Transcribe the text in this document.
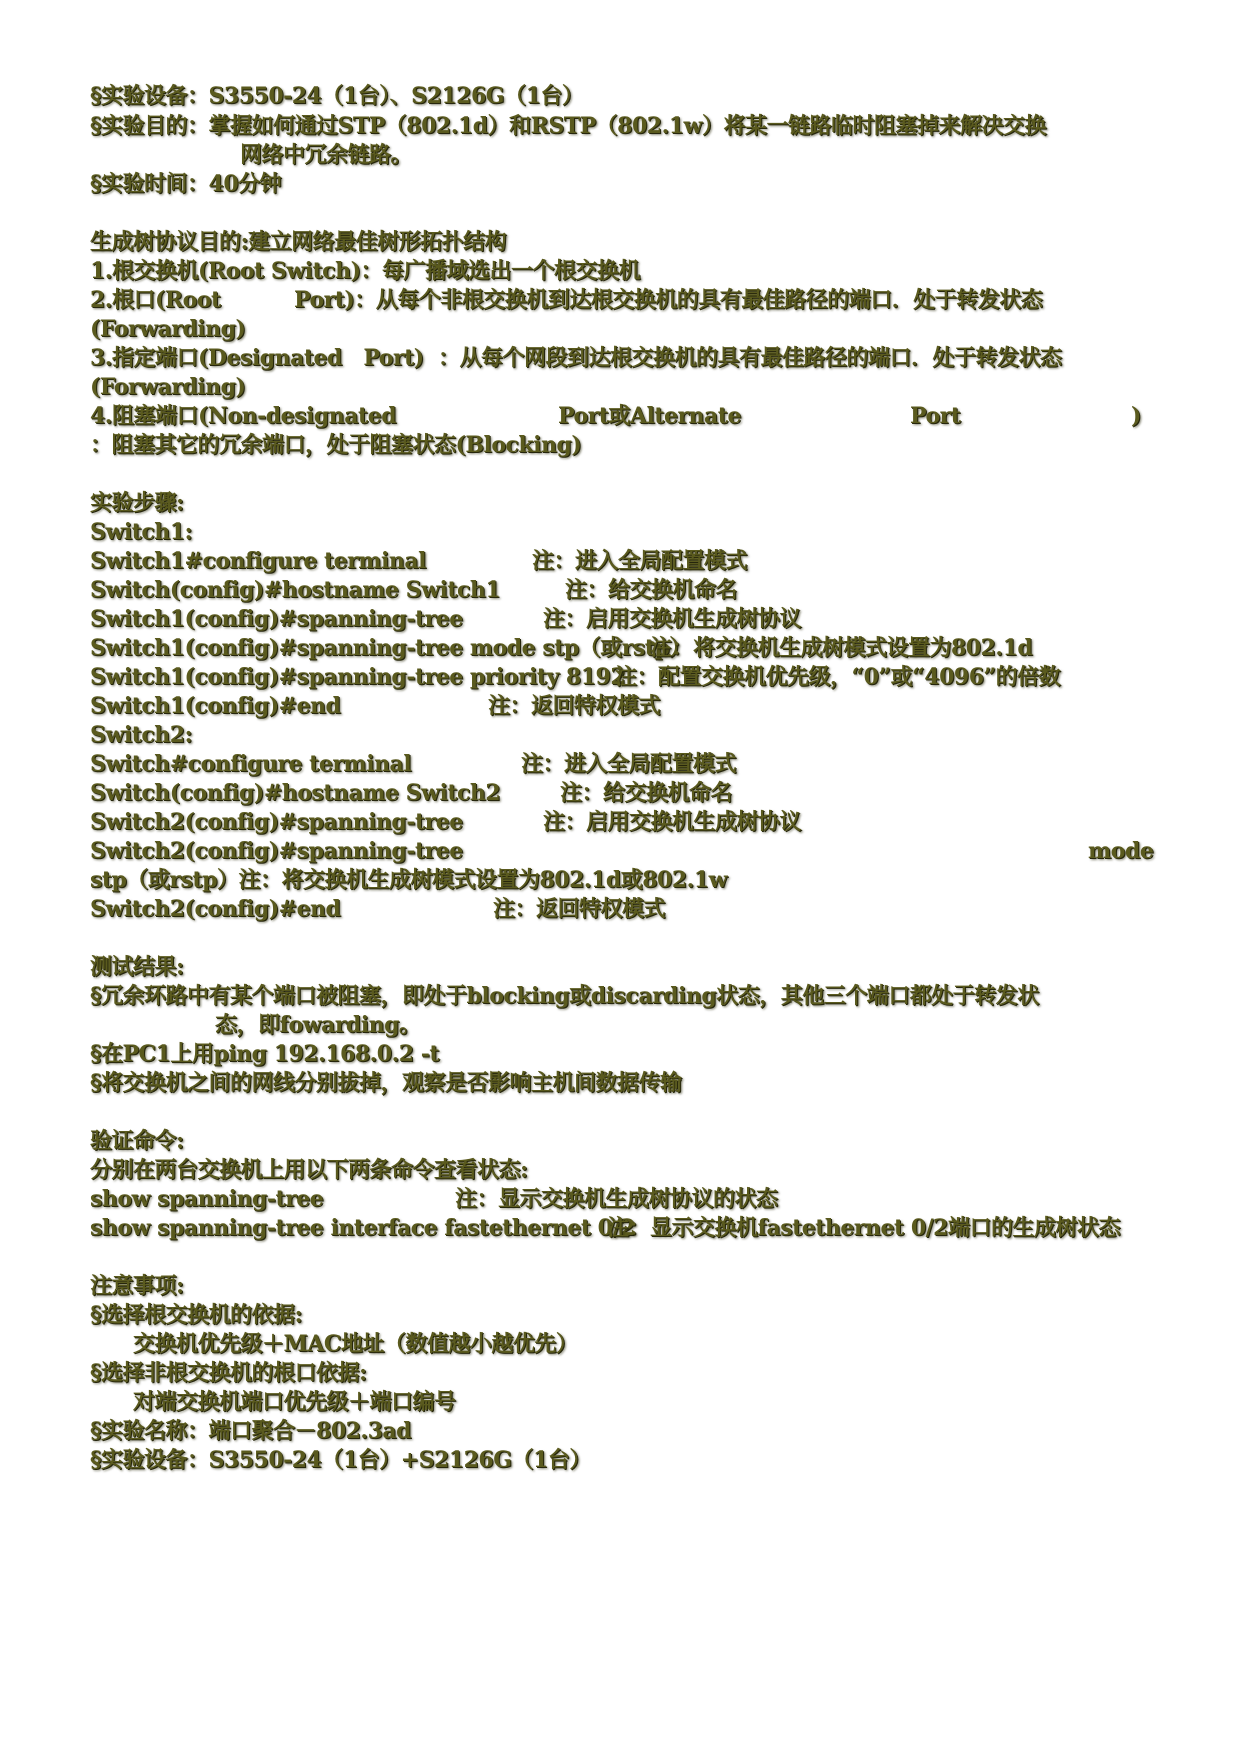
§实验设备：S3550-24（1台）、S2126G（1台）
§实验目的：掌握如何通过STP（802.1d）和RSTP（802.1w）将某一链路临时阻塞掉来解决交换
网络中冗余链路。
§实验时间：40分钟
生成树协议目的:建立网络最佳树形拓扑结构
1.根交换机(Root Switch)：每广播域选出一个根交换机
2.根口(Root	Port)：从每个非根交换机到达根交换机的具有最佳路径的端口．处于转发状态
(Forwarding)
3.指定端口(Designated   Port)  ：从每个网段到达根交换机的具有最佳路径的端口．处于转发状态
(Forwarding)
4.阻塞端口(Non-designated	Port或Alternate	Port	)
：阻塞其它的冗余端口，处于阻塞状态(Blocking)
实验步骤:
Switch1:
Switch1#configure terminal	注：进入全局配置模式
Switch(config)#hostname Switch1	注：给交换机命名
Switch1(config)#spanning-tree	注：启用交换机生成树协议
Switch1(config)#spanning-tree mode stp（或rstp）
注：将交换机生成树模式设置为802.1d
Switch1(config)#spanning-tree priority 8192
注：配置交换机优先级，“0”或“4096”的倍数
Switch1(config)#end	注：返回特权模式
Switch2:
Switch#configure terminal	注：进入全局配置模式
Switch(config)#hostname Switch2	注：给交换机命名
Switch2(config)#spanning-tree	注：启用交换机生成树协议
Switch2(config)#spanning-tree	mode
stp（或rstp）注：将交换机生成树模式设置为802.1d或802.1w
Switch2(config)#end	注：返回特权模式
测试结果:
§冗余环路中有某个端口被阻塞，即处于blocking或discarding状态，其他三个端口都处于转发状
态，即fowarding。
§在PC1上用ping 192.168.0.2 -t
§将交换机之间的网线分别拔掉，观察是否影响主机间数据传输
验证命令:
分别在两台交换机上用以下两条命令查看状态:
show spanning-tree	注：显示交换机生成树协议的状态
show spanning-tree interface fastethernet 0/2
注：显示交换机fastethernet 0/2端口的生成树状态
注意事项:
§选择根交换机的依据:
交换机优先级＋MAC地址（数值越小越优先）
§选择非根交换机的根口依据:
对端交换机端口优先级＋端口编号
§实验名称：端口聚合－802.3ad
§实验设备：S3550-24（1台）+S2126G（1台）
